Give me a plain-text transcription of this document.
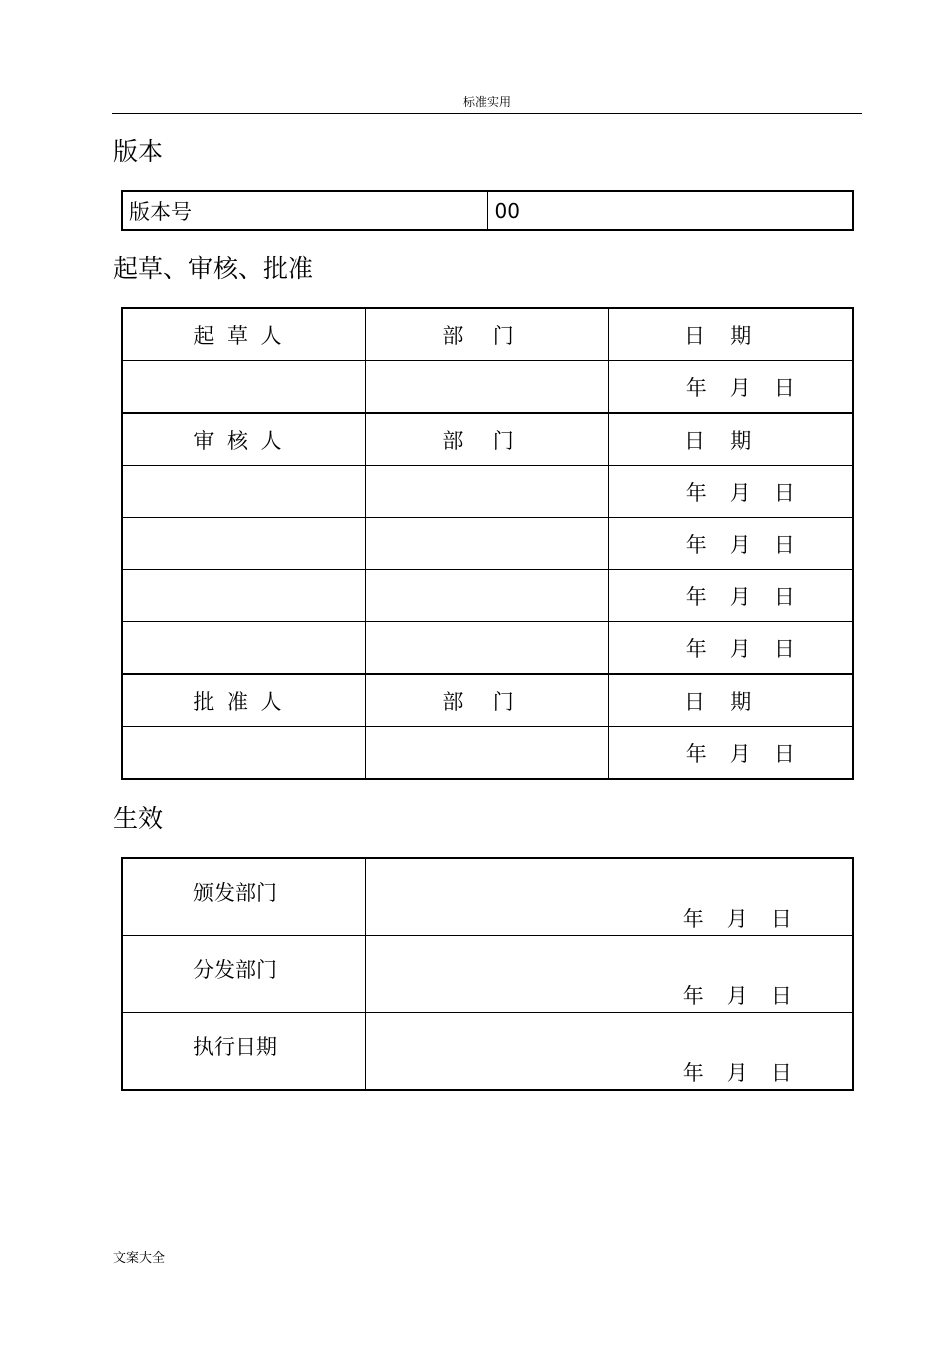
标准实用
版本
版本号	00
起草、审核、批准
起草人	部门	日期
		年月日
审核人	部门	日期
		年月日
		年月日
		年月日
		年月日
批准人	部门	日期
		年月日
生效
颁发部门	年月日
分发部门	年月日
执行日期	年月日
文案大全
